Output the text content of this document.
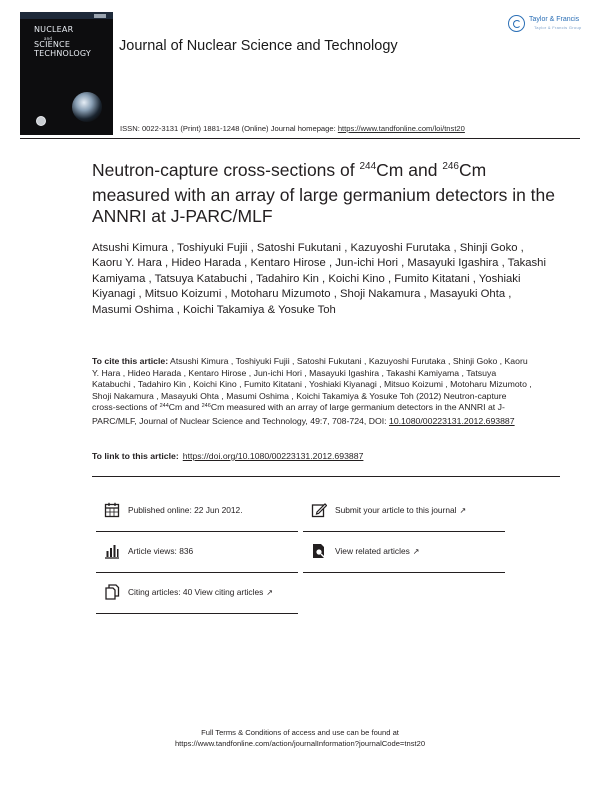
NUCLEAR
and
SCIENCE
TECHNOLOGY
Taylor & Francis
Taylor & Francis Group
Journal of Nuclear Science and Technology
ISSN: 0022-3131 (Print) 1881-1248 (Online) Journal homepage: https://www.tandfonline.com/loi/tnst20
Neutron-capture cross-sections of $^{244}$Cm and $^{246}$Cm measured with an array of large germanium detectors in the ANNRI at J-PARC/MLF
Atsushi Kimura , Toshiyuki Fujii , Satoshi Fukutani , Kazuyoshi Furutaka , Shinji Goko , Kaoru Y. Hara , Hideo Harada , Kentaro Hirose , Jun-ichi Hori , Masayuki Igashira , Takashi Kamiyama , Tatsuya Katabuchi , Tadahiro Kin , Koichi Kino , Fumito Kitatani , Yoshiaki Kiyanagi , Mitsuo Koizumi , Motoharu Mizumoto , Shoji Nakamura , Masayuki Ohta , Masumi Oshima , Koichi Takamiya & Yosuke Toh
To cite this article: Atsushi Kimura , Toshiyuki Fujii , Satoshi Fukutani , Kazuyoshi Furutaka , Shinji Goko , Kaoru Y. Hara , Hideo Harada , Kentaro Hirose , Jun-ichi Hori , Masayuki Igashira , Takashi Kamiyama , Tatsuya Katabuchi , Tadahiro Kin , Koichi Kino , Fumito Kitatani , Yoshiaki Kiyanagi , Mitsuo Koizumi , Motoharu Mizumoto , Shoji Nakamura , Masayuki Ohta , Masumi Oshima , Koichi Takamiya & Yosuke Toh (2012) Neutron-capture cross-sections of $^{244}$Cm and $^{246}$Cm measured with an array of large germanium detectors in the ANNRI at J-PARC/MLF, Journal of Nuclear Science and Technology, 49:7, 708-724, DOI: 10.1080/00223131.2012.693887
To link to this article: https://doi.org/10.1080/00223131.2012.693887
Published online: 22 Jun 2012.	Submit your article to this journal ↗
Article views: 836	View related articles ↗
Citing articles: 40 View citing articles ↗
Full Terms & Conditions of access and use can be found at
https://www.tandfonline.com/action/journalInformation?journalCode=tnst20
